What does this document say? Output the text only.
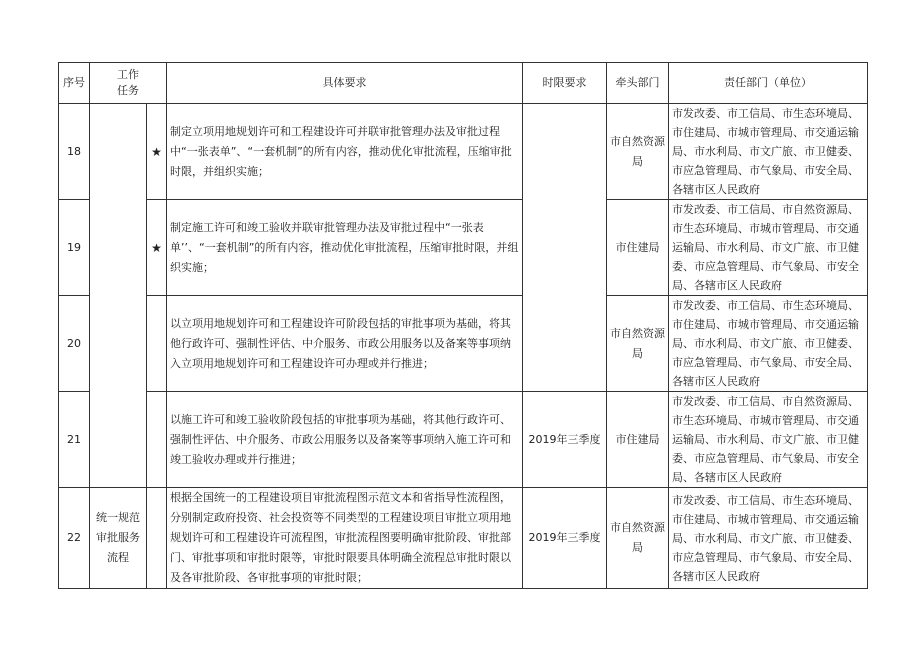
序号	工作
任务		具体要求	时限要求	牵头部门	责任部门（单位）
18		★	制定立项用地规划许可和工程建设许可并联审批管理办法及审批过程中“一张表单”、“一套机制”的所有内容，推动优化审批流程，压缩审批时限，并组织实施；		市自然资源局	市发改委、市工信局、市生态环境局、市住建局、市城市管理局、市交通运输局、市水利局、市文广旅、市卫健委、市应急管理局、市气象局、市安全局、各辖市区人民政府
19		★	制定施工许可和竣工验收并联审批管理办法及审批过程中“一张表单’’、“一套机制”的所有内容，推动优化审批流程，压缩审批时限，并组织实施；		市住建局	市发改委、市工信局、市自然资源局、市生态环境局、市城市管理局、市交通运输局、市水利局、市文广旅、市卫健委、市应急管理局、市气象局、市安全局、各辖市区人民政府
20			以立项用地规划许可和工程建设许可阶段包括的审批事项为基础，将其他行政许可、强制性评估、中介服务、市政公用服务以及备案等事项纳入立项用地规划许可和工程建设许可办理或并行推进；		市自然资源局	市发改委、市工信局、市生态环境局、市住建局、市城市管理局、市交通运输局、市水利局、市文广旅、市卫健委、市应急管理局、市气象局、市安全局、各辖市区人民政府
21			以施工许可和竣工验收阶段包括的审批事项为基础，将其他行政许可、强制性评估、中介服务、市政公用服务以及备案等事项纳入施工许可和竣工验收办理或并行推进；	2019年三季度	市住建局	市发改委、市工信局、市自然资源局、市生态环境局、市城市管理局、市交通运输局、市水利局、市文广旅、市卫健委、市应急管理局、市气象局、市安全局、各辖市区人民政府
22	统一规范
审批服务
流程		根据全国统一的工程建设项目审批流程图示范文本和省指导性流程图，分别制定政府投资、社会投资等不同类型的工程建设项目审批立项用地规划许可和工程建设许可流程图，审批流程图要明确审批阶段、审批部门、审批事项和审批时限等，审批时限要具体明确全流程总审批时限以及各审批阶段、各审批事项的审批时限；	2019年三季度	市自然资源局	市发改委、市工信局、市生态环境局、市住建局、市城市管理局、市交通运输局、市水利局、市文广旅、市卫健委、市应急管理局、市气象局、市安全局、各辖市区人民政府
